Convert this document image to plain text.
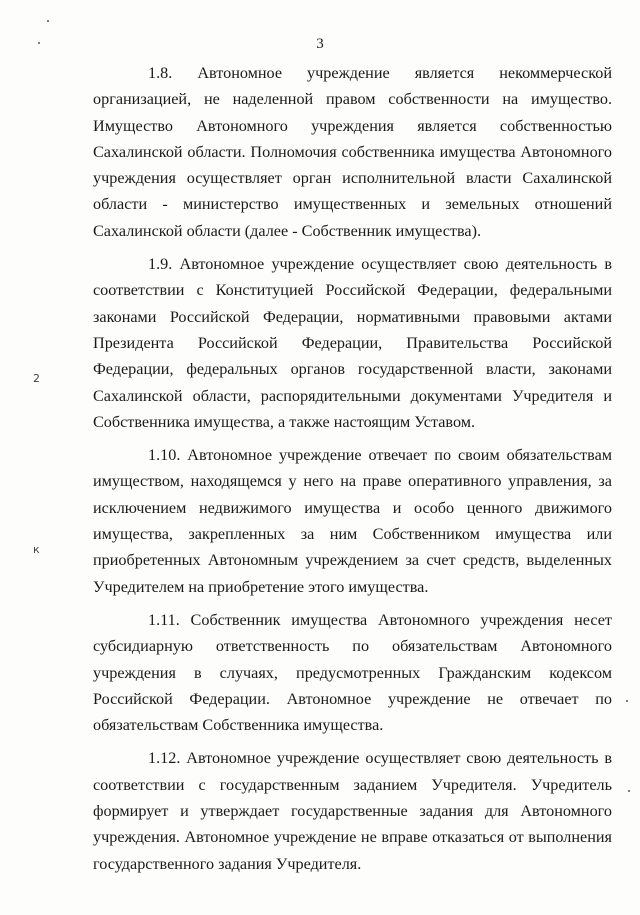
3

1.8. Автономное учреждение является некоммерческой организацией, не наделенной правом собственности на имущество. Имущество Автономного учреждения является собственностью Сахалинской области. Полномочия собственника имущества Автономного учреждения осуществляет орган исполнительной власти Сахалинской области - министерство имущественных и земельных отношений Сахалинской области (далее - Собственник имущества).

1.9. Автономное учреждение осуществляет свою деятельность в соответствии с Конституцией Российской Федерации, федеральными законами Российской Федерации, нормативными правовыми актами Президента Российской Федерации, Правительства Российской Федерации, федеральных органов государственной власти, законами Сахалинской области, распорядительными документами Учредителя и Собственника имущества, а также настоящим Уставом.

1.10. Автономное учреждение отвечает по своим обязательствам имуществом, находящемся у него на праве оперативного управления, за исключением недвижимого имущества и особо ценного движимого имущества, закрепленных за ним Собственником имущества или приобретенных Автономным учреждением за счет средств, выделенных Учредителем на приобретение этого имущества.

1.11. Собственник имущества Автономного учреждения несет субсидиарную ответственность по обязательствам Автономного учреждения в случаях, предусмотренных Гражданским кодексом Российской Федерации. Автономное учреждение не отвечает по обязательствам Собственника имущества.

1.12. Автономное учреждение осуществляет свою деятельность в соответствии с государственным заданием Учредителя. Учредитель формирует и утверждает государственные задания для Автономного учреждения. Автономное учреждение не вправе отказаться от выполнения государственного задания Учредителя.

2
к
